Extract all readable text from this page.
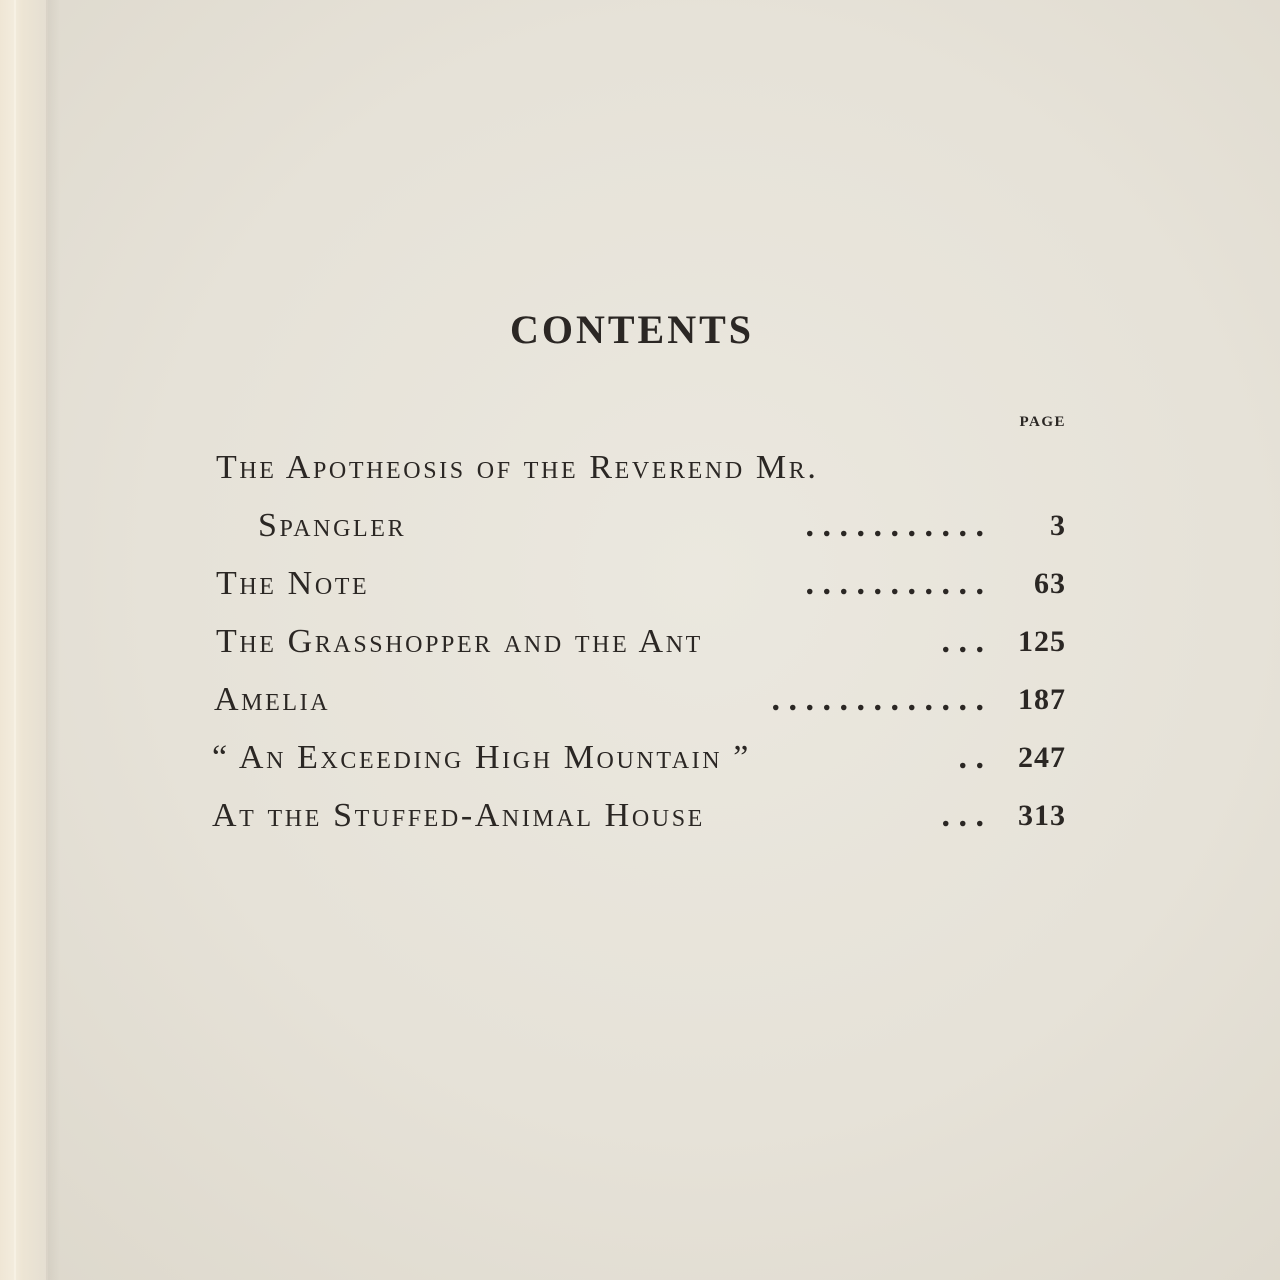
CONTENTS
PAGE
The Apotheosis of the Reverend Mr.
Spangler	. . . . . . . . . . .	3
The Note	. . . . . . . . . . .	63
The Grasshopper and the Ant	. . .	125
Amelia	. . . . . . . . . . . . .	187
“ An Exceeding High Mountain ”	. .	247
At the Stuffed-Animal House	. . .	313
